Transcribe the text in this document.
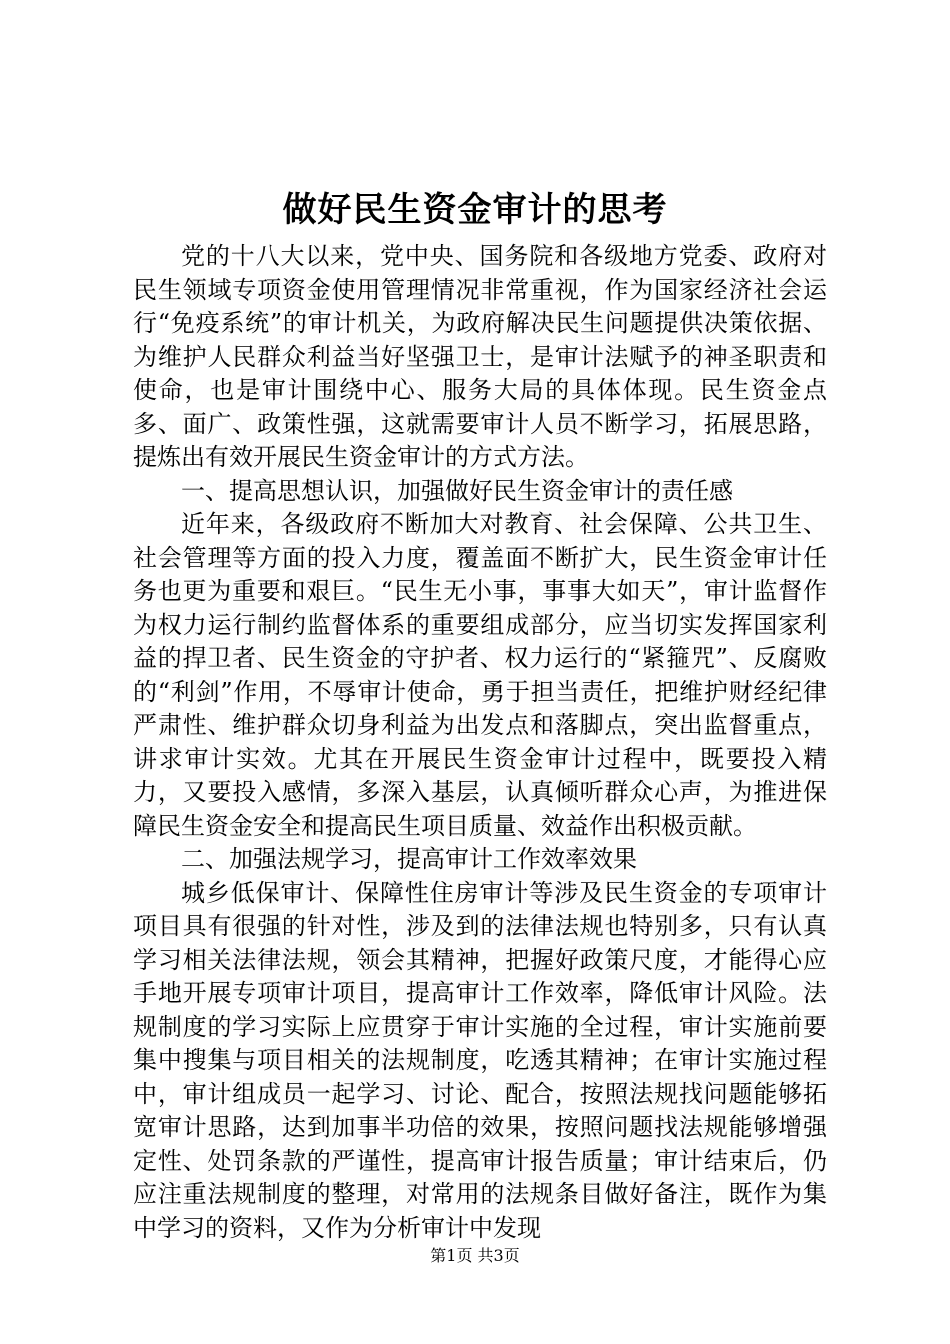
做好民生资金审计的思考

党的十八大以来，党中央、国务院和各级地方党委、政府对民生领域专项资金使用管理情况非常重视，作为国家经济社会运行“免疫系统”的审计机关，为政府解决民生问题提供决策依据、为维护人民群众利益当好坚强卫士，是审计法赋予的神圣职责和使命，也是审计围绕中心、服务大局的具体体现。民生资金点多、面广、政策性强，这就需要审计人员不断学习，拓展思路，提炼出有效开展民生资金审计的方式方法。

一、提高思想认识，加强做好民生资金审计的责任感

近年来，各级政府不断加大对教育、社会保障、公共卫生、社会管理等方面的投入力度，覆盖面不断扩大，民生资金审计任务也更为重要和艰巨。“民生无小事，事事大如天”，审计监督作为权力运行制约监督体系的重要组成部分，应当切实发挥国家利益的捍卫者、民生资金的守护者、权力运行的“紧箍咒”、反腐败的“利剑”作用，不辱审计使命，勇于担当责任，把维护财经纪律严肃性、维护群众切身利益为出发点和落脚点，突出监督重点，讲求审计实效。尤其在开展民生资金审计过程中，既要投入精力，又要投入感情，多深入基层，认真倾听群众心声，为推进保障民生资金安全和提高民生项目质量、效益作出积极贡献。

二、加强法规学习，提高审计工作效率效果

城乡低保审计、保障性住房审计等涉及民生资金的专项审计项目具有很强的针对性，涉及到的法律法规也特别多，只有认真学习相关法律法规，领会其精神，把握好政策尺度，才能得心应手地开展专项审计项目，提高审计工作效率，降低审计风险。法规制度的学习实际上应贯穿于审计实施的全过程，审计实施前要集中搜集与项目相关的法规制度，吃透其精神；在审计实施过程中，审计组成员一起学习、讨论、配合，按照法规找问题能够拓宽审计思路，达到加事半功倍的效果，按照问题找法规能够增强定性、处罚条款的严谨性，提高审计报告质量；审计结束后，仍应注重法规制度的整理，对常用的法规条目做好备注，既作为集中学习的资料，又作为分析审计中发现

第1页 共3页
